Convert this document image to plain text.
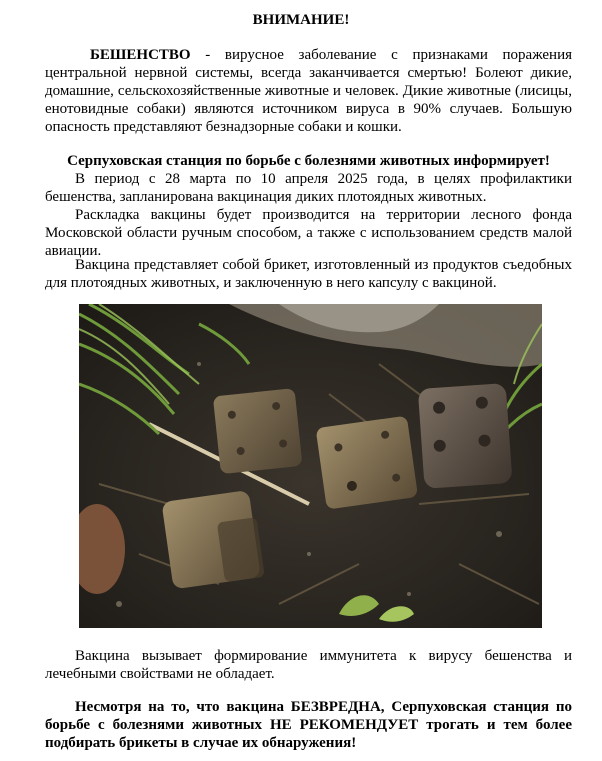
ВНИМАНИЕ!
БЕШЕНСТВО - вирусное заболевание с признаками поражения центральной нервной системы, всегда заканчивается смертью! Болеют дикие, домашние, сельскохозяйственные животные и человек. Дикие животные (лисицы, енотовидные собаки) являются источником вируса в 90% случаев. Большую опасность представляют безнадзорные собаки и кошки.
Серпуховская станция по борьбе с болезнями животных информирует!
В период с 28 марта по 10 апреля 2025 года, в целях профилактики бешенства, запланирована вакцинация диких плотоядных животных.
Раскладка вакцины будет производится на территории лесного фонда Московской области ручным способом, а также с использованием средств малой авиации.
Вакцина представляет собой брикет, изготовленный из продуктов съедобных для плотоядных животных, и заключенную в него капсулу с вакциной.
Вакцина вызывает формирование иммунитета к вирусу бешенства и лечебными свойствами не обладает.
Несмотря на то, что вакцина БЕЗВРЕДНА, Серпуховская станция по борьбе с болезнями животных НЕ РЕКОМЕНДУЕТ трогать и тем более подбирать брикеты в случае их обнаружения!
